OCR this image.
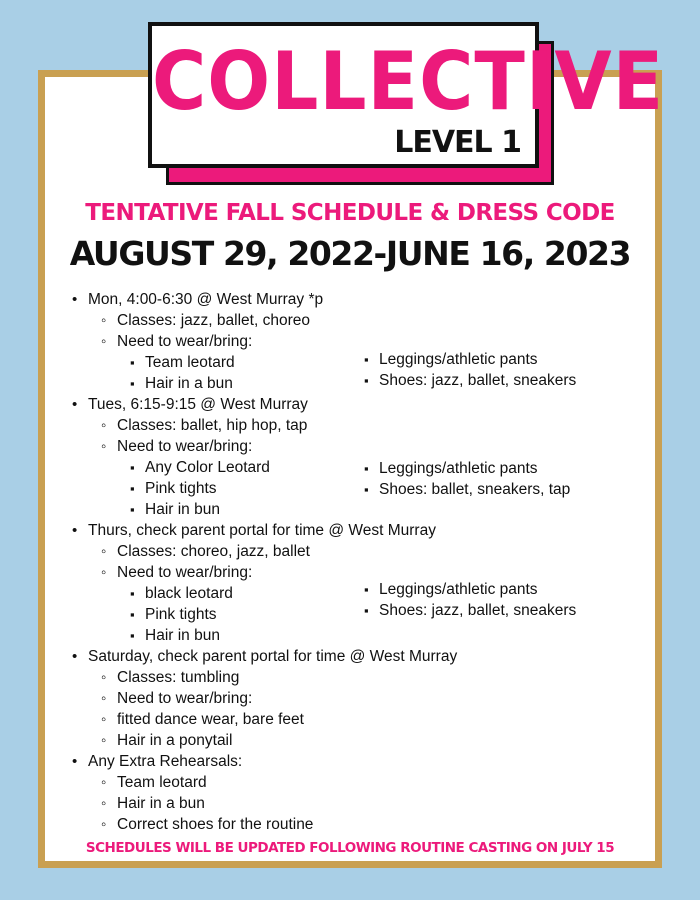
COLLECTIVE
LEVEL 1
TENTATIVE FALL SCHEDULE & DRESS CODE
AUGUST 29, 2022-JUNE 16, 2023
• Mon, 4:00-6:30 @ West Murray *p
◦ Classes: jazz, ballet, choreo
◦ Need to wear/bring:
▪ Team leotard
▪ Hair in a bun
▪ Leggings/athletic pants
▪ Shoes: jazz, ballet, sneakers
• Tues, 6:15-9:15 @ West Murray
◦ Classes: ballet, hip hop, tap
◦ Need to wear/bring:
▪ Any Color Leotard
▪ Pink tights
▪ Hair in bun
▪ Leggings/athletic pants
▪ Shoes: ballet, sneakers, tap
• Thurs, check parent portal for time @ West Murray
◦ Classes: choreo, jazz, ballet
◦ Need to wear/bring:
▪ black leotard
▪ Pink tights
▪ Hair in bun
▪ Leggings/athletic pants
▪ Shoes: jazz, ballet, sneakers
• Saturday, check parent portal for time @ West Murray
◦ Classes: tumbling
◦ Need to wear/bring:
◦ fitted dance wear, bare feet
◦ Hair in a ponytail
• Any Extra Rehearsals:
◦ Team leotard
◦ Hair in a bun
◦ Correct shoes for the routine
SCHEDULES WILL BE UPDATED FOLLOWING ROUTINE CASTING ON JULY 15
